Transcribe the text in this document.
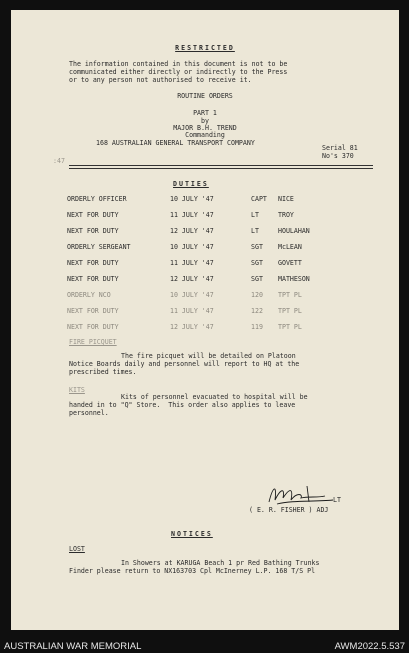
RESTRICTED
The information contained in this document is not to be
communicated either directly or indirectly to the Press
or to any person not authorised to receive it.
ROUTINE ORDERS
PART 1
by
MAJOR B.H. TREND
Commanding
168 AUSTRALIAN GENERAL TRANSPORT COMPANY
Serial 81
No's 370
:47
DUTIES
ORDERLY OFFICER	10 JULY '47	CAPT NICE
NEXT FOR DUTY	11 JULY '47	LT	TROY
NEXT FOR DUTY	12 JULY '47	LT	HOULAHAN
ORDERLY SERGEANT	10 JULY '47	SGT McLEAN
NEXT FOR DUTY	11 JULY '47	SGT GOVETT
NEXT FOR DUTY	12 JULY '47	SGT MATHESON
ORDERLY NCO	10 JULY '47	120 TPT PL
NEXT FOR DUTY	11 JULY '47	122 TPT PL
NEXT FOR DUTY	12 JULY '47	119 TPT PL
FIRE PICQUET
The fire picquet will be detailed on Platoon
Notice Boards daily and personnel will report to HQ at the
prescribed times.
KITS
Kits of personnel evacuated to hospital will be
handed in to "Q" Store.  This order also applies to leave
personnel.
LT
( E. R. FISHER ) ADJ
NOTICES
LOST
In Showers at KARUGA Beach 1 pr Red Bathing Trunks
Finder please return to NX163703 Cpl McInerney L.P. 168 T/S Pl
AUSTRALIAN WAR MEMORIAL	AWM2022.5.537
